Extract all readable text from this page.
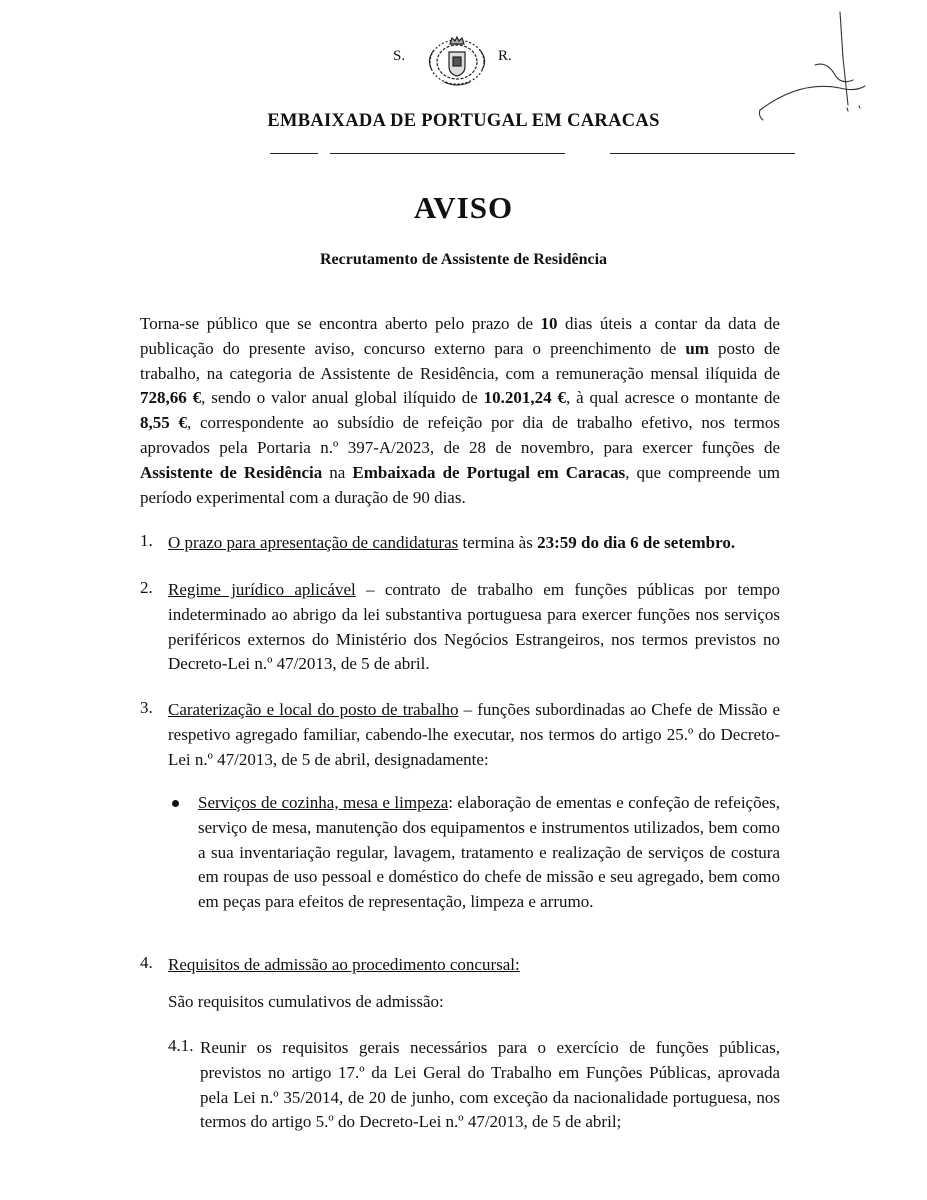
S.	R.
EMBAIXADA DE PORTUGAL EM CARACAS
AVISO
Recrutamento de Assistente de Residência
Torna-se público que se encontra aberto pelo prazo de 10 dias úteis a contar da data de publicação do presente aviso, concurso externo para o preenchimento de um posto de trabalho, na categoria de Assistente de Residência, com a remuneração mensal ilíquida de 728,66 €, sendo o valor anual global ilíquido de 10.201,24 €, à qual acresce o montante de 8,55 €, correspondente ao subsídio de refeição por dia de trabalho efetivo, nos termos aprovados pela Portaria n.º 397-A/2023, de 28 de novembro, para exercer funções de Assistente de Residência na Embaixada de Portugal em Caracas, que compreende um período experimental com a duração de 90 dias.
1. O prazo para apresentação de candidaturas termina às 23:59 do dia 6 de setembro.
2. Regime jurídico aplicável – contrato de trabalho em funções públicas por tempo indeterminado ao abrigo da lei substantiva portuguesa para exercer funções nos serviços periféricos externos do Ministério dos Negócios Estrangeiros, nos termos previstos no Decreto-Lei n.º 47/2013, de 5 de abril.
3. Caraterização e local do posto de trabalho – funções subordinadas ao Chefe de Missão e respetivo agregado familiar, cabendo-lhe executar, nos termos do artigo 25.º do Decreto-Lei n.º 47/2013, de 5 de abril, designadamente:
Serviços de cozinha, mesa e limpeza: elaboração de ementas e confeção de refeições, serviço de mesa, manutenção dos equipamentos e instrumentos utilizados, bem como a sua inventariação regular, lavagem, tratamento e realização de serviços de costura em roupas de uso pessoal e doméstico do chefe de missão e seu agregado, bem como em peças para efeitos de representação, limpeza e arrumo.
4. Requisitos de admissão ao procedimento concursal:
São requisitos cumulativos de admissão:
4.1. Reunir os requisitos gerais necessários para o exercício de funções públicas, previstos no artigo 17.º da Lei Geral do Trabalho em Funções Públicas, aprovada pela Lei n.º 35/2014, de 20 de junho, com exceção da nacionalidade portuguesa, nos termos do artigo 5.º do Decreto-Lei n.º 47/2013, de 5 de abril;
